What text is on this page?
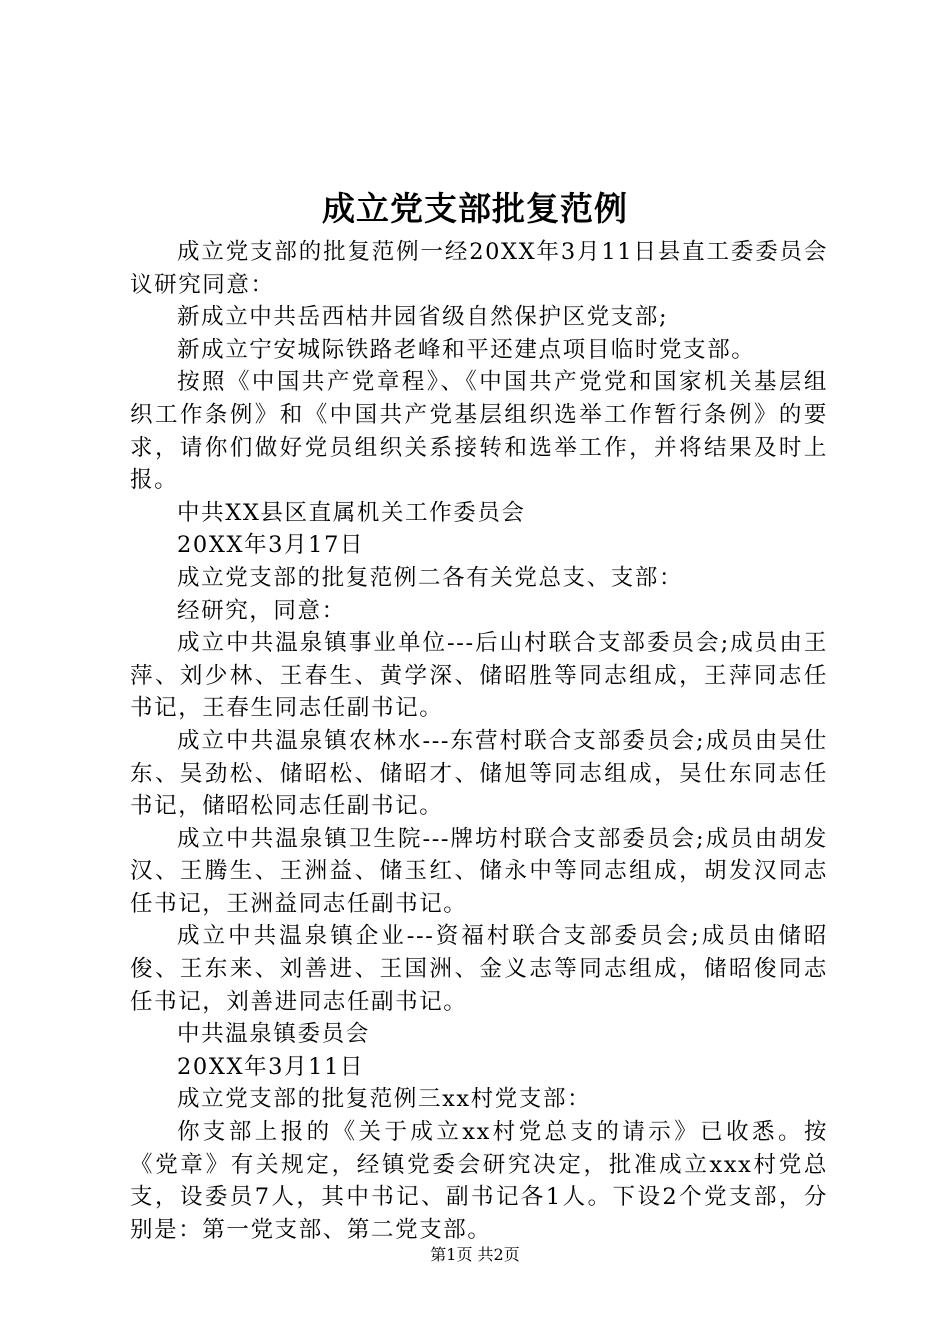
成立党支部批复范例

成立党支部的批复范例一经20XX年3月11日县直工委委员会议研究同意：

新成立中共岳西枯井园省级自然保护区党支部;

新成立宁安城际铁路老峰和平还建点项目临时党支部。

按照《中国共产党章程》、《中国共产党党和国家机关基层组织工作条例》和《中国共产党基层组织选举工作暂行条例》的要求，请你们做好党员组织关系接转和选举工作，并将结果及时上报。

中共XX县区直属机关工作委员会

20XX年3月17日

成立党支部的批复范例二各有关党总支、支部：

经研究，同意：

成立中共温泉镇事业单位---后山村联合支部委员会;成员由王萍、刘少林、王春生、黄学深、储昭胜等同志组成，王萍同志任书记，王春生同志任副书记。

成立中共温泉镇农林水---东营村联合支部委员会;成员由吴仕东、吴劲松、储昭松、储昭才、储旭等同志组成，吴仕东同志任书记，储昭松同志任副书记。

成立中共温泉镇卫生院---牌坊村联合支部委员会;成员由胡发汉、王腾生、王洲益、储玉红、储永中等同志组成，胡发汉同志任书记，王洲益同志任副书记。

成立中共温泉镇企业---资福村联合支部委员会;成员由储昭俊、王东来、刘善进、王国洲、金义志等同志组成，储昭俊同志任书记，刘善进同志任副书记。

中共温泉镇委员会

20XX年3月11日

成立党支部的批复范例三xx村党支部：

你支部上报的《关于成立xx村党总支的请示》已收悉。按《党章》有关规定，经镇党委会研究决定，批准成立xxx村党总支，设委员7人，其中书记、副书记各1人。下设2个党支部，分别是：第一党支部、第二党支部。

第1页 共2页
